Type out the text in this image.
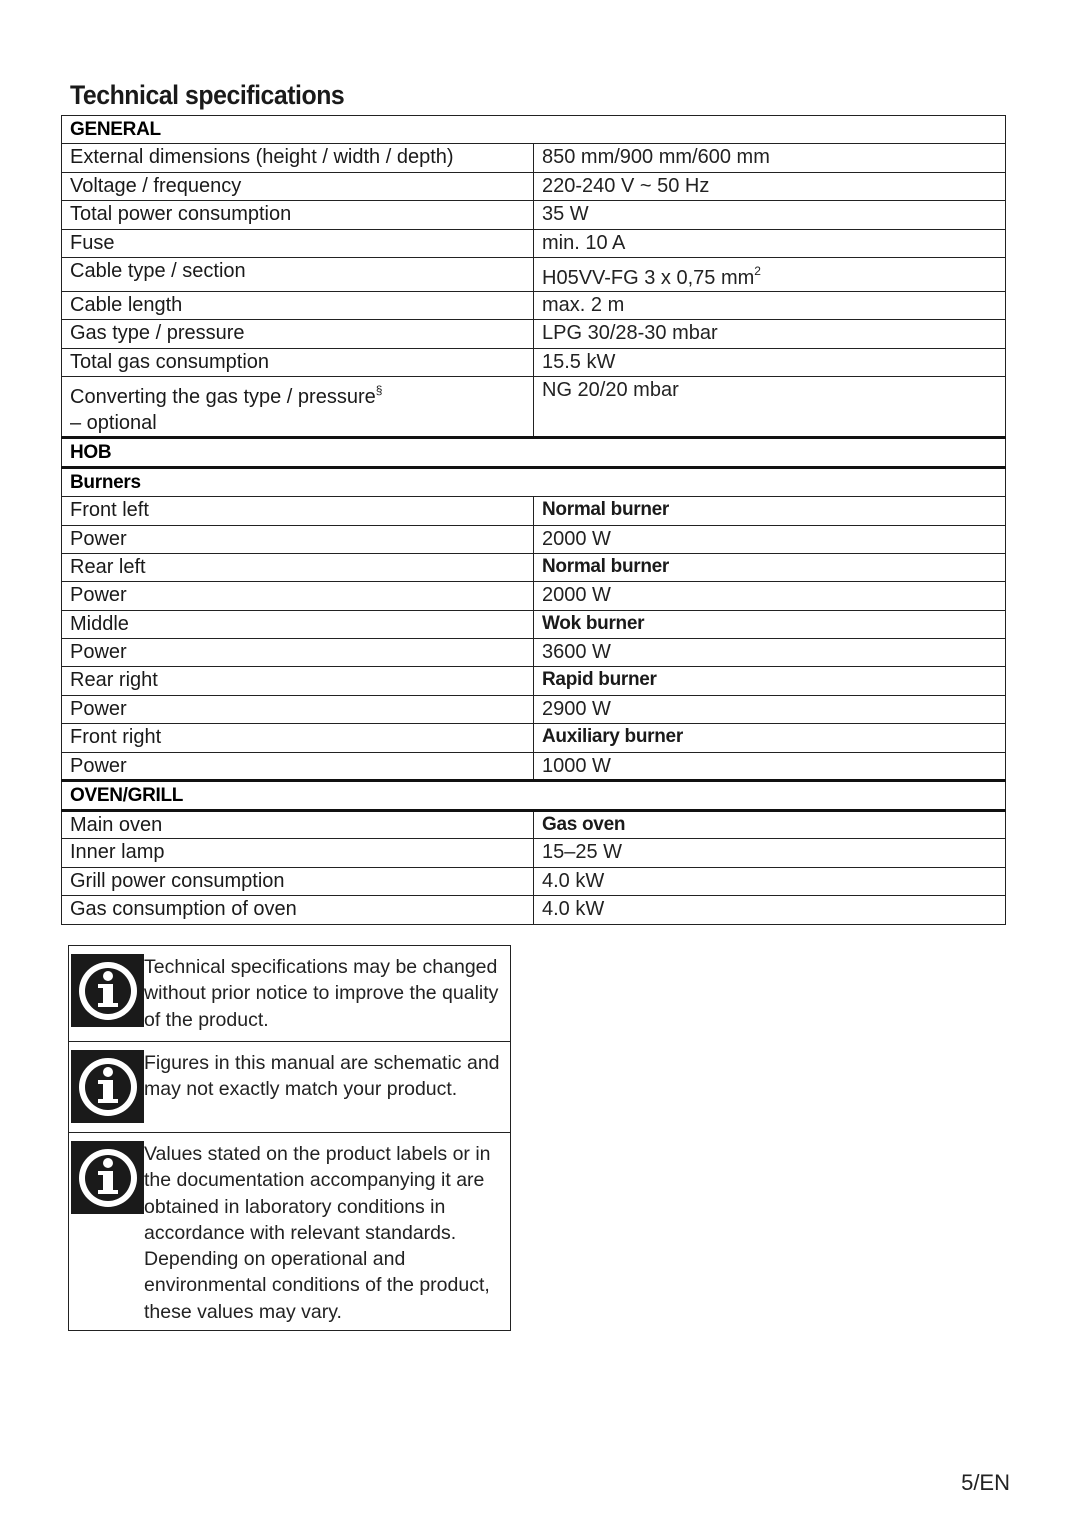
Technical specifications
GENERAL	
External dimensions (height / width / depth)	850 mm/900 mm/600 mm
Voltage / frequency	220-240 V ~ 50 Hz
Total power consumption	35 W
Fuse	min. 10 A
Cable type / section	H05VV-FG 3 x 0,75 $mm^2$
Cable length	max. 2 m
Gas type / pressure	LPG 30/28-30 mbar
Total gas consumption	15.5 kW

Converting the gas type / pressure§
– optional	NG 20/20 mbar
HOB	
Burners	
Front left	Normal burner
Power	2000 W
Rear left	Normal burner
Power	2000 W
Middle	Wok burner
Power	3600 W
Rear right	Rapid burner
Power	2900 W
Front right	Auxiliary burner
Power	1000 W
OVEN/GRILL	
Main oven	Gas oven
Inner lamp	15–25 W
Grill power consumption	4.0 kW
Gas consumption of oven	4.0 kW

Technical specifications may be changed without prior notice to improve the quality of the product.

Figures in this manual are schematic and may not exactly match your product.

Values stated on the product labels or in the documentation accompanying it are obtained in laboratory conditions in accordance with relevant standards. Depending on operational and environmental conditions of the product, these values may vary.

5/EN
